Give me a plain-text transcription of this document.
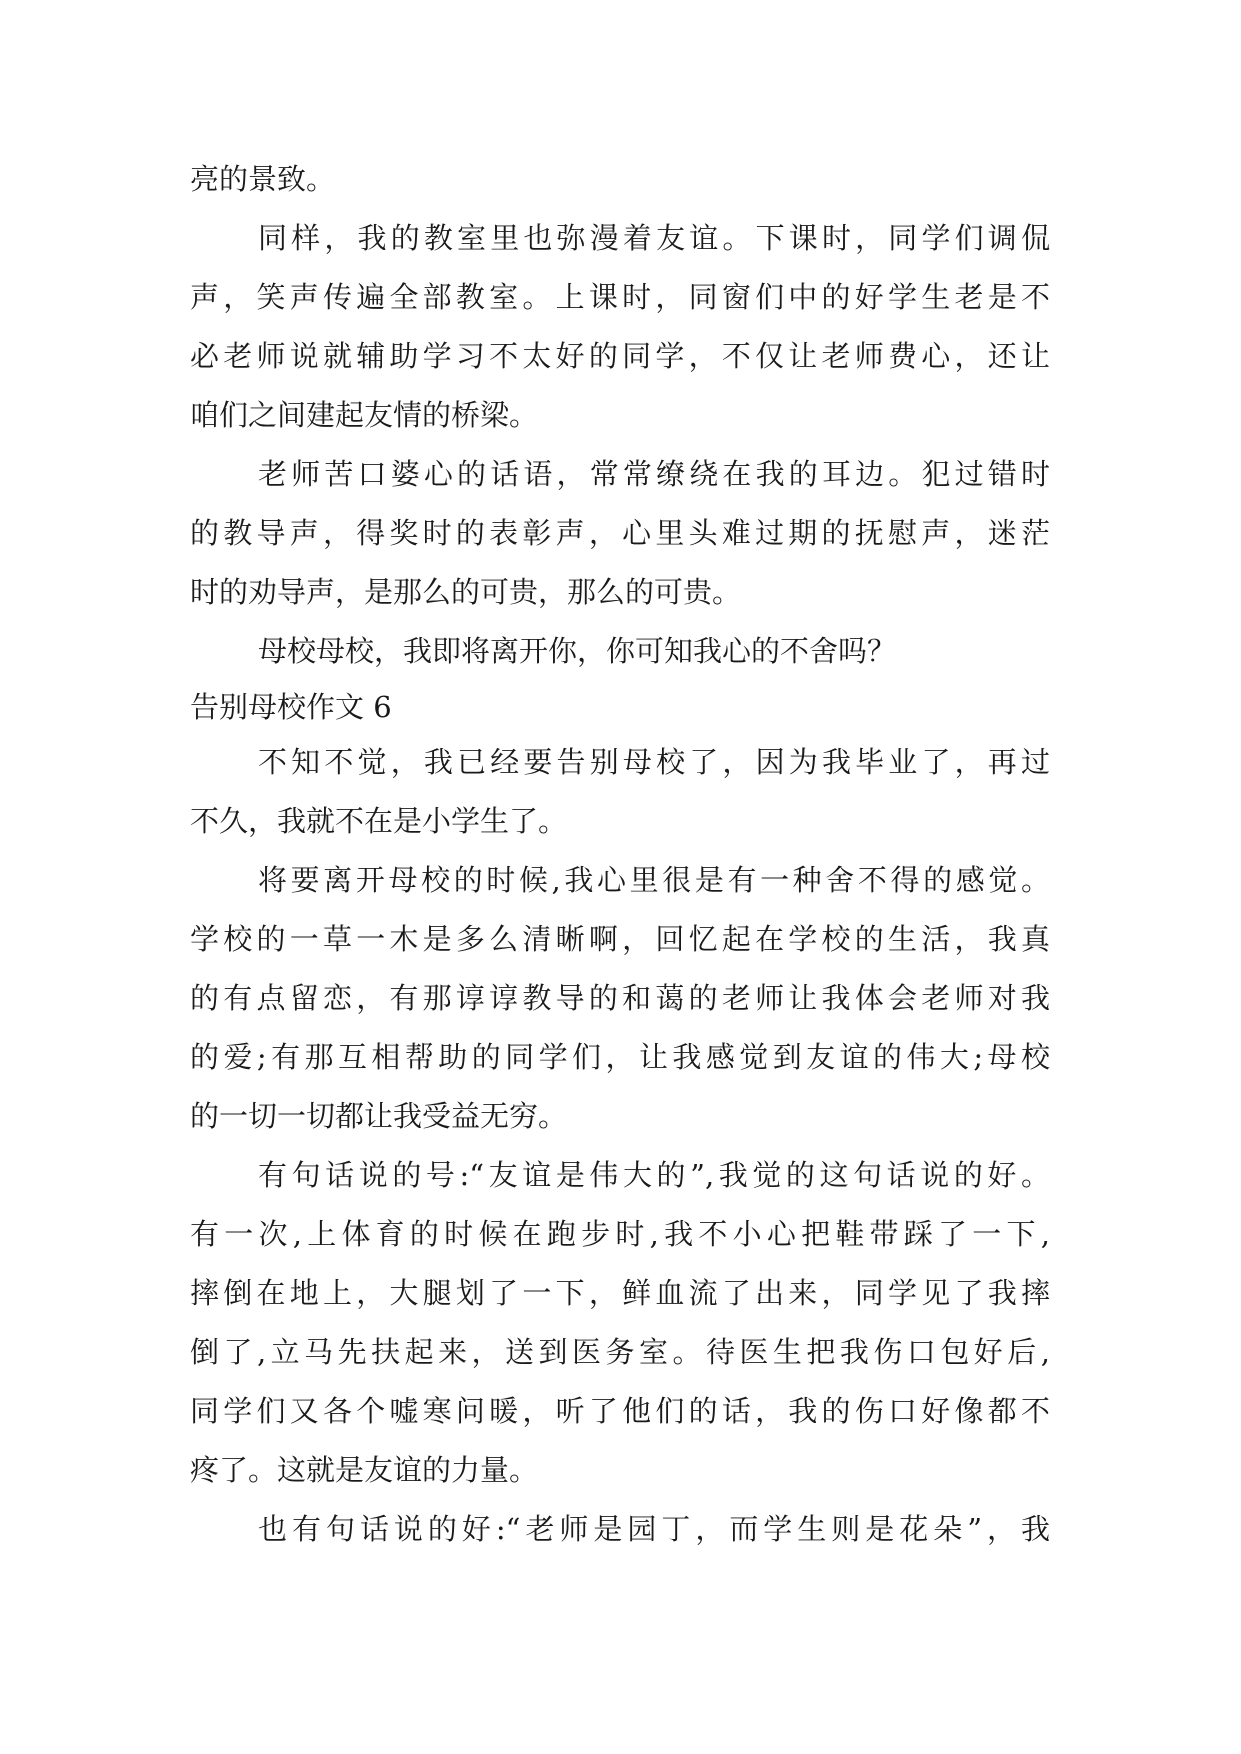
亮的景致。
同样，我的教室里也弥漫着友谊。下课时，同学们调侃
声，笑声传遍全部教室。上课时，同窗们中的好学生老是不
必老师说就辅助学习不太好的同学，不仅让老师费心，还让
咱们之间建起友情的桥梁。
老师苦口婆心的话语，常常缭绕在我的耳边。犯过错时
的教导声，得奖时的表彰声，心里头难过期的抚慰声，迷茫
时的劝导声，是那么的可贵，那么的可贵。
母校母校，我即将离开你，你可知我心的不舍吗？
告别母校作文 6
不知不觉，我已经要告别母校了，因为我毕业了，再过
不久，我就不在是小学生了。
将要离开母校的时候,我心里很是有一种舍不得的感觉。
学校的一草一木是多么清晰啊，回忆起在学校的生活，我真
的有点留恋，有那谆谆教导的和蔼的老师让我体会老师对我
的爱;有那互相帮助的同学们，让我感觉到友谊的伟大;母校
的一切一切都让我受益无穷。
有句话说的号:“友谊是伟大的”,我觉的这句话说的好。
有一次,上体育的时候在跑步时,我不小心把鞋带踩了一下,
摔倒在地上，大腿划了一下，鲜血流了出来，同学见了我摔
倒了,立马先扶起来，送到医务室。待医生把我伤口包好后,
同学们又各个嘘寒问暖，听了他们的话，我的伤口好像都不
疼了。这就是友谊的力量。
也有句话说的好:“老师是园丁，而学生则是花朵”，我
